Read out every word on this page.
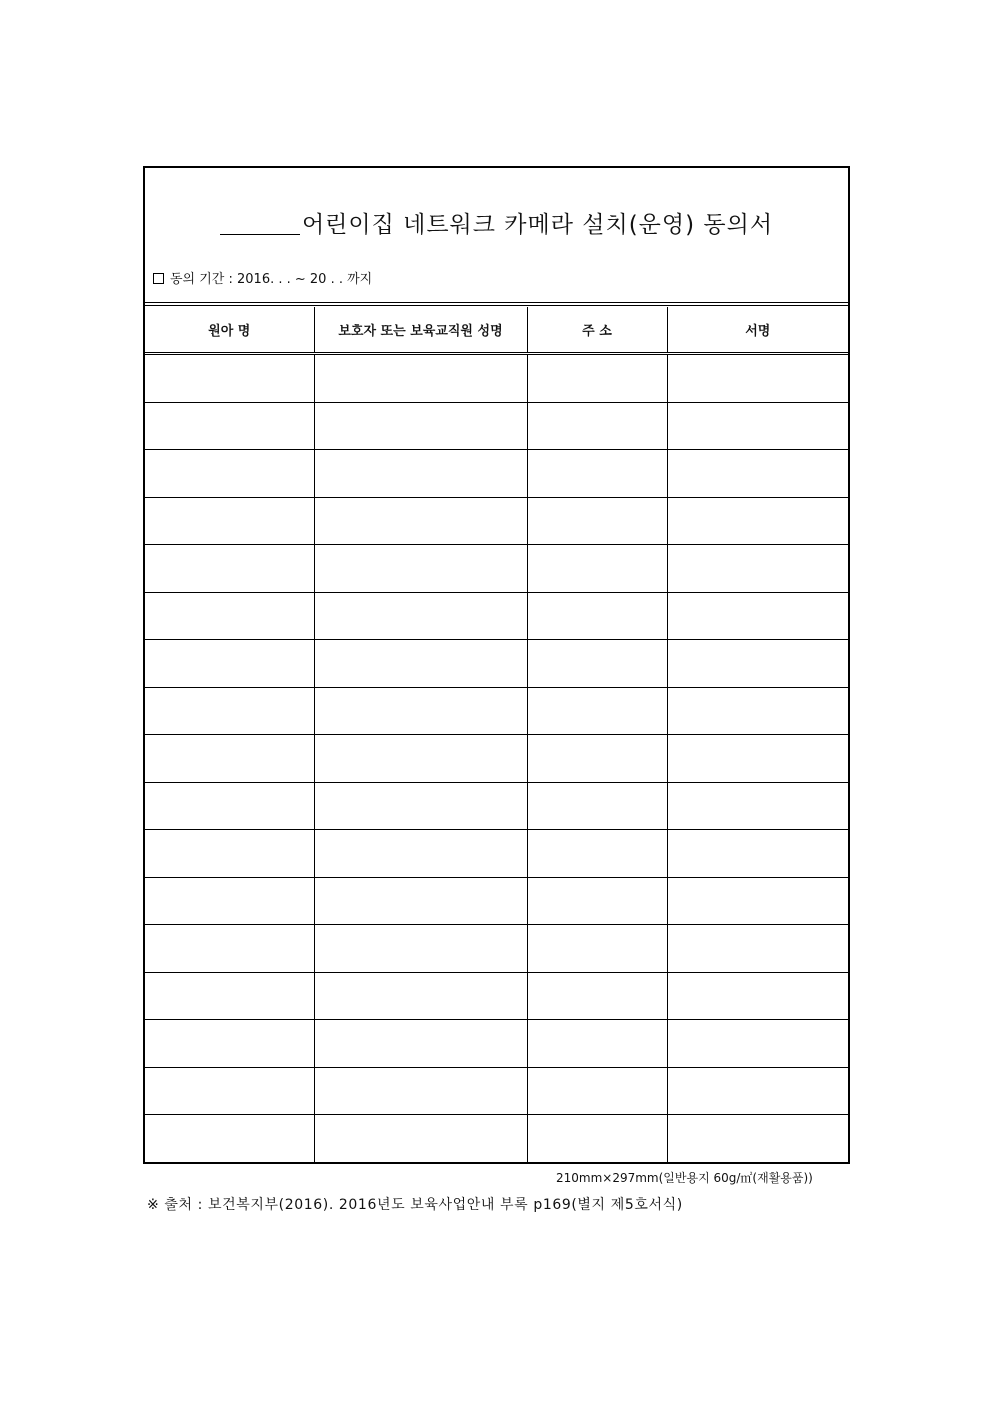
어린이집 네트워크 카메라 설치(운영) 동의서
동의 기간 : 2016. . . ~ 20 . . 까지
원아 명	보호자 또는 보육교직원 성명	주 소	서명

210mm×297mm(일반용지 60g/㎡(재활용품))
※ 출처 : 보건복지부(2016). 2016년도 보육사업안내 부록 p169(별지 제5호서식)
